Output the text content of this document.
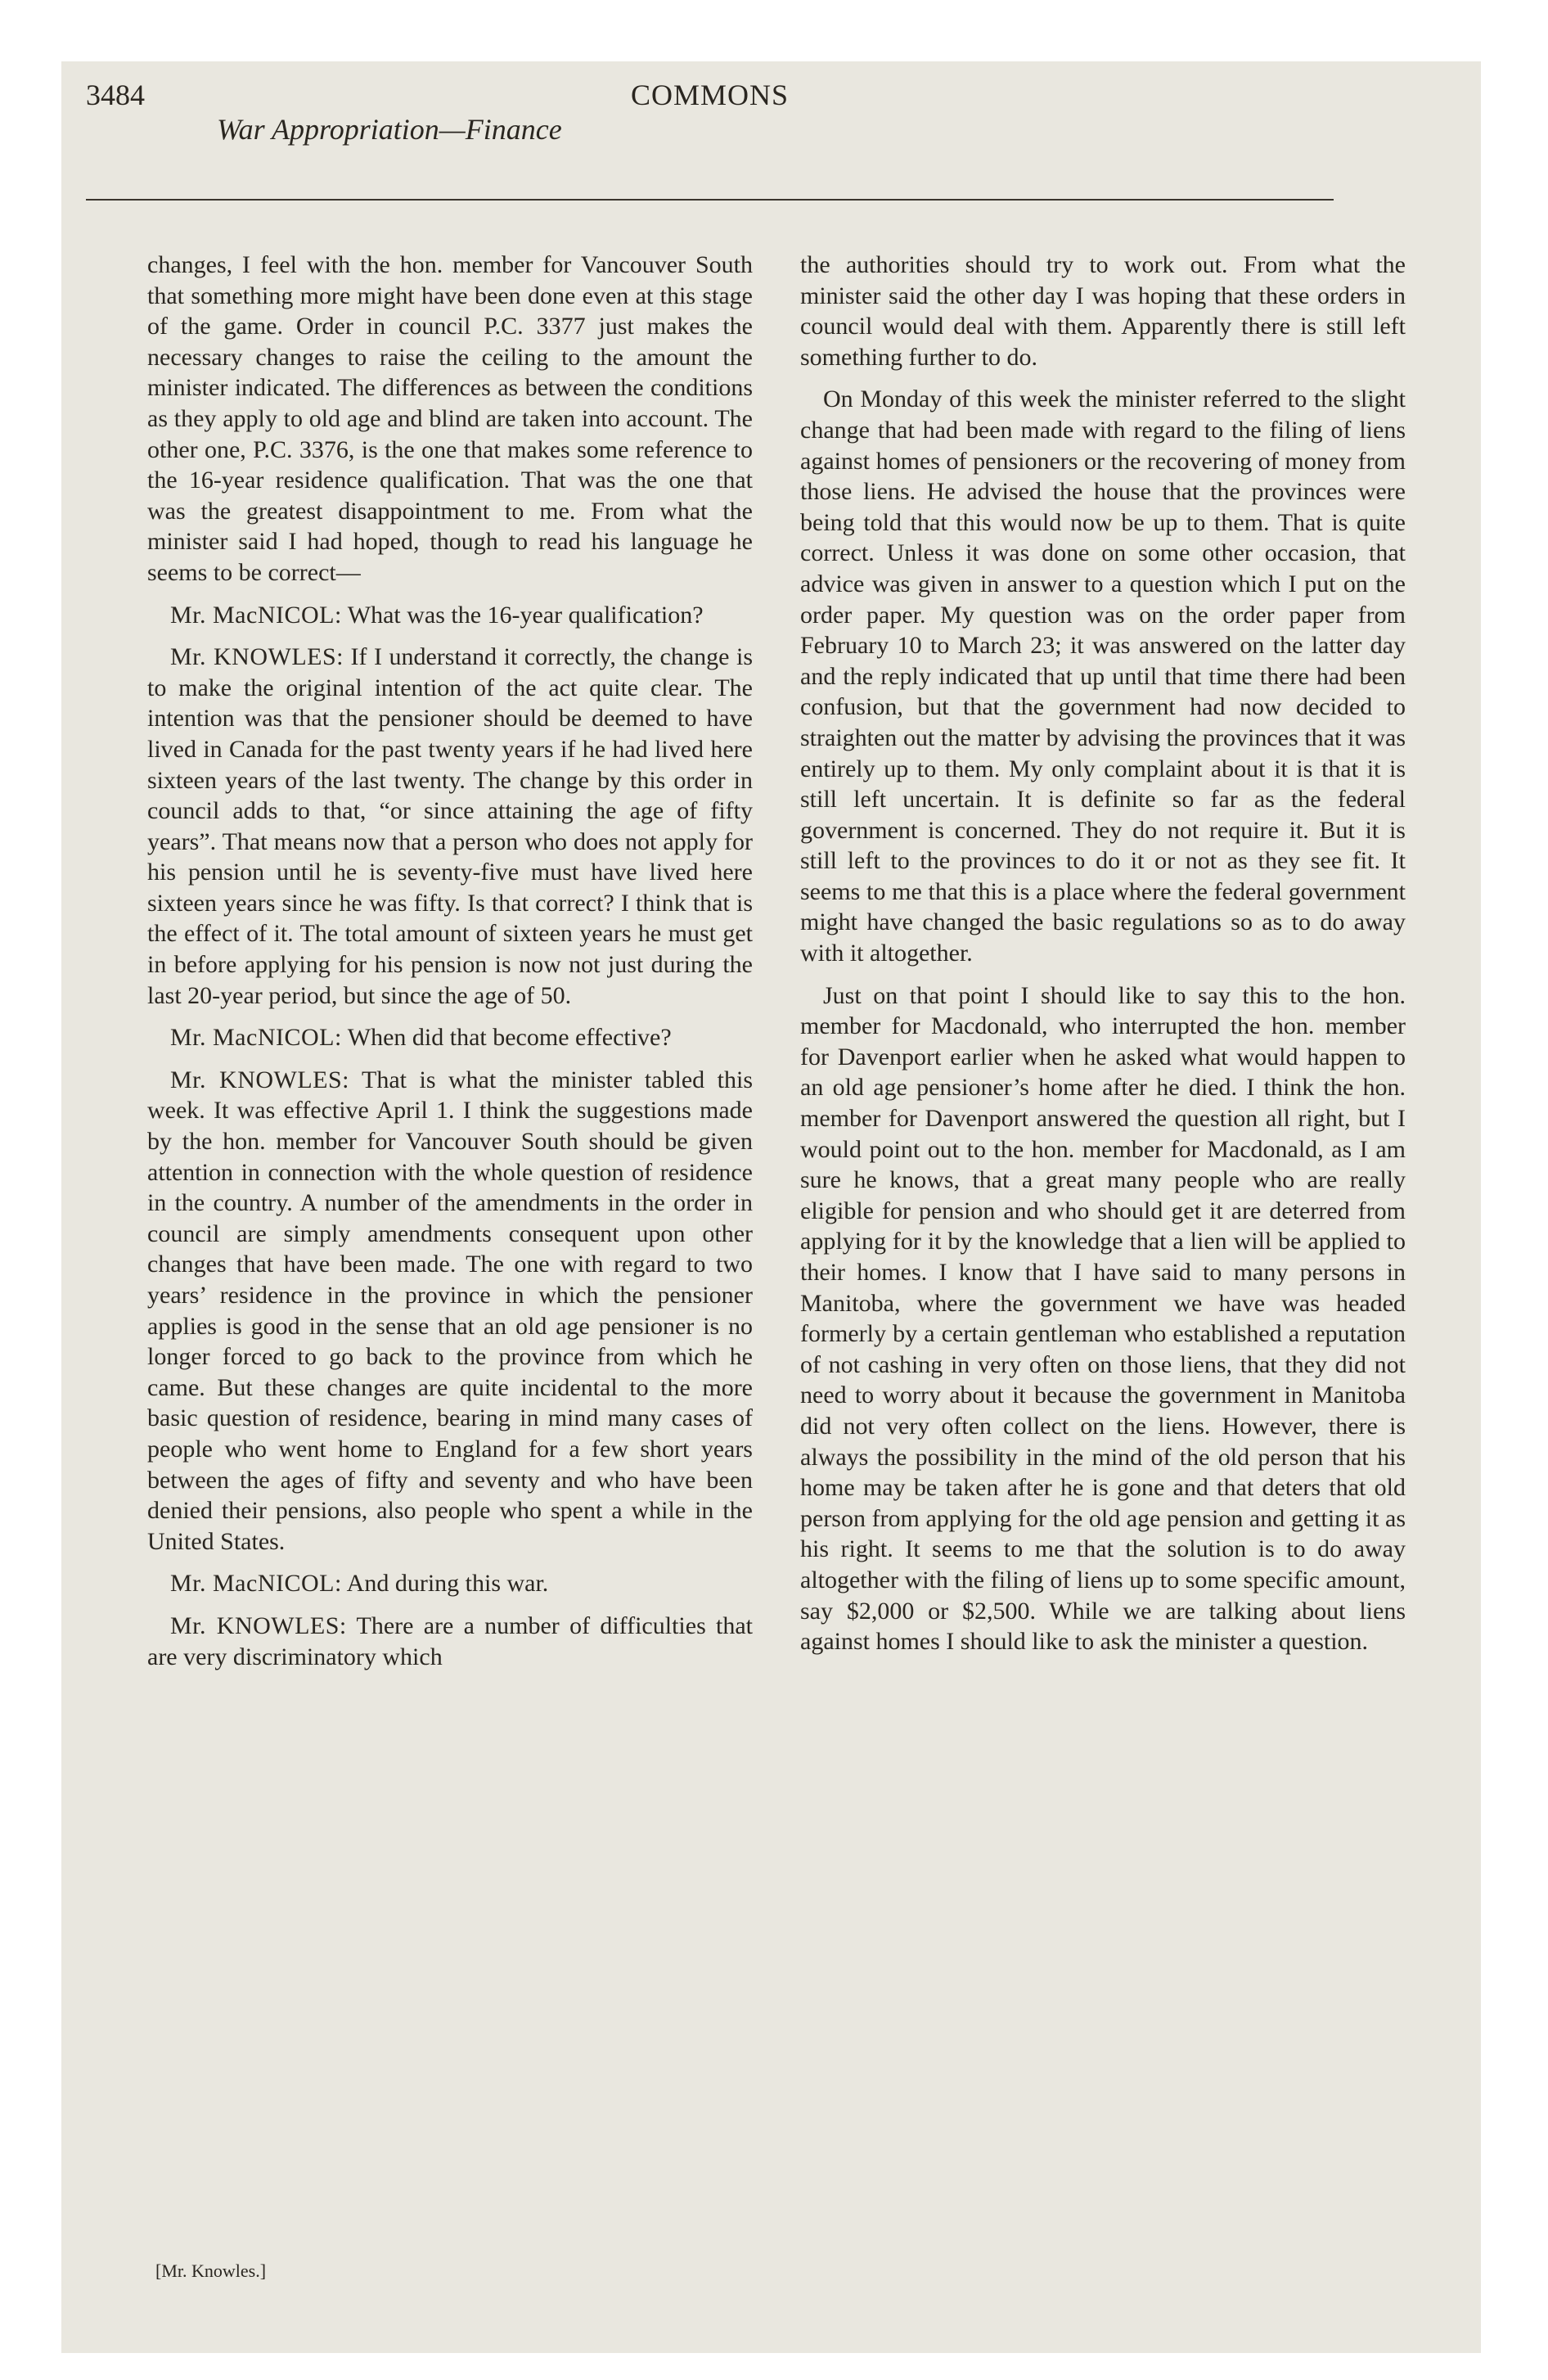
3484	COMMONS
War Appropriation—Finance

changes, I feel with the hon. member for Vancouver South that something more might have been done even at this stage of the game. Order in council P.C. 3377 just makes the necessary changes to raise the ceiling to the amount the minister indicated. The differences as between the conditions as they apply to old age and blind are taken into account. The other one, P.C. 3376, is the one that makes some reference to the 16-year residence qualification. That was the one that was the greatest disappointment to me. From what the minister said I had hoped, though to read his language he seems to be correct—

Mr. MacNICOL: What was the 16-year qualification?

Mr. KNOWLES: If I understand it correctly, the change is to make the original intention of the act quite clear. The intention was that the pensioner should be deemed to have lived in Canada for the past twenty years if he had lived here sixteen years of the last twenty. The change by this order in council adds to that, “or since attaining the age of fifty years”. That means now that a person who does not apply for his pension until he is seventy-five must have lived here sixteen years since he was fifty. Is that correct? I think that is the effect of it. The total amount of sixteen years he must get in before applying for his pension is now not just during the last 20-year period, but since the age of 50.

Mr. MacNICOL: When did that become effective?

Mr. KNOWLES: That is what the minister tabled this week. It was effective April 1. I think the suggestions made by the hon. member for Vancouver South should be given attention in connection with the whole question of residence in the country. A number of the amendments in the order in council are simply amendments consequent upon other changes that have been made. The one with regard to two years’ residence in the province in which the pensioner applies is good in the sense that an old age pensioner is no longer forced to go back to the province from which he came. But these changes are quite incidental to the more basic question of residence, bearing in mind many cases of people who went home to England for a few short years between the ages of fifty and seventy and who have been denied their pensions, also people who spent a while in the United States.

Mr. MacNICOL: And during this war.

Mr. KNOWLES: There are a number of difficulties that are very discriminatory which

the authorities should try to work out. From what the minister said the other day I was hoping that these orders in council would deal with them. Apparently there is still left something further to do.

On Monday of this week the minister referred to the slight change that had been made with regard to the filing of liens against homes of pensioners or the recovering of money from those liens. He advised the house that the provinces were being told that this would now be up to them. That is quite correct. Unless it was done on some other occasion, that advice was given in answer to a question which I put on the order paper. My question was on the order paper from February 10 to March 23; it was answered on the latter day and the reply indicated that up until that time there had been confusion, but that the government had now decided to straighten out the matter by advising the provinces that it was entirely up to them. My only complaint about it is that it is still left uncertain. It is definite so far as the federal government is concerned. They do not require it. But it is still left to the provinces to do it or not as they see fit. It seems to me that this is a place where the federal government might have changed the basic regulations so as to do away with it altogether.

Just on that point I should like to say this to the hon. member for Macdonald, who interrupted the hon. member for Davenport earlier when he asked what would happen to an old age pensioner’s home after he died. I think the hon. member for Davenport answered the question all right, but I would point out to the hon. member for Macdonald, as I am sure he knows, that a great many people who are really eligible for pension and who should get it are deterred from applying for it by the knowledge that a lien will be applied to their homes. I know that I have said to many persons in Manitoba, where the government we have was headed formerly by a certain gentleman who established a reputation of not cashing in very often on those liens, that they did not need to worry about it because the government in Manitoba did not very often collect on the liens. However, there is always the possibility in the mind of the old person that his home may be taken after he is gone and that deters that old person from applying for the old age pension and getting it as his right. It seems to me that the solution is to do away altogether with the filing of liens up to some specific amount, say $2,000 or $2,500. While we are talking about liens against homes I should like to ask the minister a question.

[Mr. Knowles.]
